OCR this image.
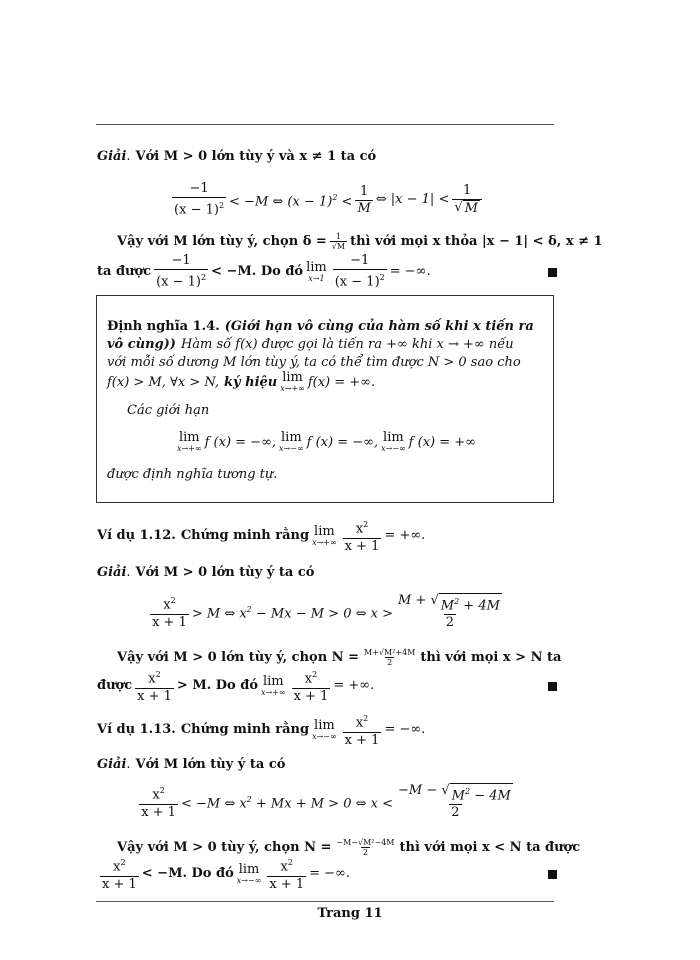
Giải . Với M > 0 lớn tùy ý và x ≠ 1 ta có
$\frac{-1}{(x - 1)^2} < -M$ ⇔ $(x - 1)^2 < \frac{1}{M}$ ⇔ $|x - 1| < \frac{1}{√ M}$
Vậy với M lớn tùy ý, chọn $\delta = \frac{1}{√M}$ thì với mọi x thỏa |x − 1| < δ, x ≠ 1
ta được $\frac{-1}{(x - 1)^2} < -M$. Do đó lim
$x\to 1 \frac{-1}{(x - 1)^2}$ = −∞.
Định nghĩa 1.4. (Giới hạn vô cùng của hàm số khi x tiến ra
vô cùng)) Hàm số f(x) được gọi là tiến ra +∞ khi x → +∞ nếu
với mỗi số dương M lớn tùy ý, ta có thể tìm được N > 0 sao cho
f(x) > M, ∀x > N, ký hiệu lim
x→+∞ f(x) = +∞.
Các giới hạn
lim
x→+∞ f (x) = −∞, lim
x→−∞ f (x) = −∞, lim
x→−∞ f (x) = +∞
được định nghĩa tương tự.
Ví dụ 1.12. Chứng minh rằng lim
$x\to+\infty \frac{x^2}{x + 1}$ = +∞.
Giải . Với M > 0 lớn tùy ý ta có
$\frac{x^2}{x + 1} > M$ ⇔ $x^2 - Mx - M > 0$ ⇔ $x > \frac{M + √ M^2 + 4M}{2}$
Vậy với M > 0 lớn tùy ý, chọn $N = \frac{\text{M+√M²+4M}}{2}$ thì với mọi x > N ta
được $\frac{x^2}{x + 1} > M$. Do đó lim
$x\to+\infty \frac{x^2}{x + 1}$ = +∞.
Ví dụ 1.13. Chứng minh rằng lim
$x\to-\infty \frac{x^2}{x + 1}$ = −∞.
Giải . Với M lớn tùy ý ta có
$\frac{x^2}{x + 1} < -M$ ⇔ $x^2 + Mx + M > 0$ ⇔ $x < \frac{-M - √ M^2 - 4M}{2}$
Vậy với M > 0 tùy ý, chọn $N = \frac{\text{−M−√M²−4M}}{2}$ thì với mọi x < N ta được
$\frac{x^2}{x + 1} < -M$. Do đó lim
$x\to-\infty \frac{x^2}{x + 1}$ = −∞.
Trang 11
